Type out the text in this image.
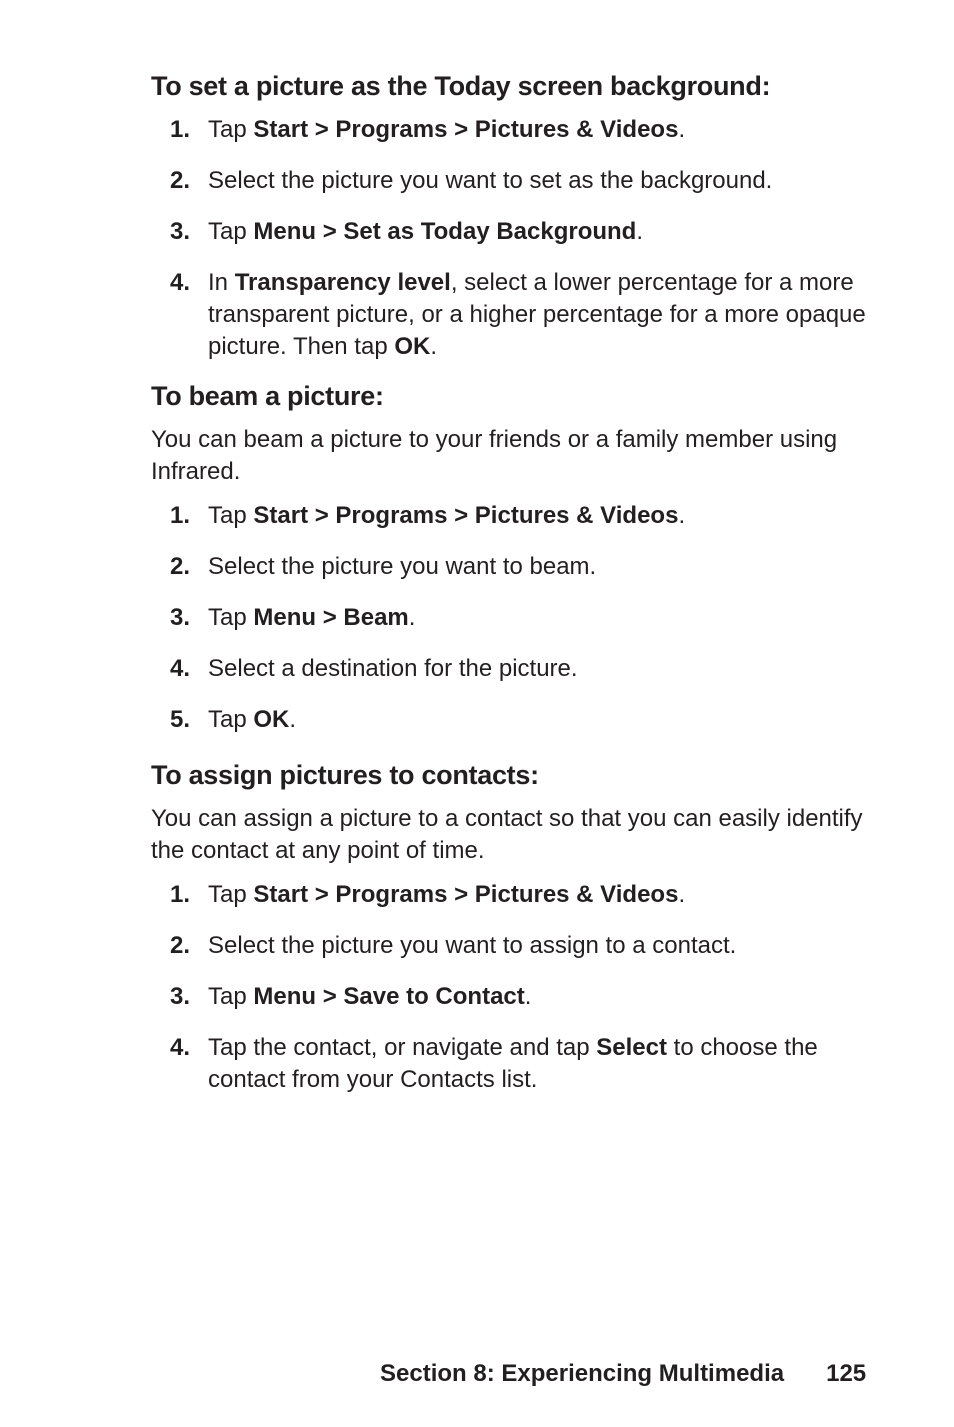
To set a picture as the Today screen background:
1. Tap Start > Programs > Pictures & Videos.
2. Select the picture you want to set as the background.
3. Tap Menu > Set as Today Background.
4. In Transparency level, select a lower percentage for a more transparent picture, or a higher percentage for a more opaque picture. Then tap OK.
To beam a picture:

You can beam a picture to your friends or a family member using Infrared.

1. Tap Start > Programs > Pictures & Videos.
2. Select the picture you want to beam.
3. Tap Menu > Beam.
4. Select a destination for the picture.
5. Tap OK.
To assign pictures to contacts:

You can assign a picture to a contact so that you can easily identify the contact at any point of time.

1. Tap Start > Programs > Pictures & Videos.
2. Select the picture you want to assign to a contact.
3. Tap Menu > Save to Contact.
4. Tap the contact, or navigate and tap Select to choose the contact from your Contacts list.
Section 8: Experiencing Multimedia 125
